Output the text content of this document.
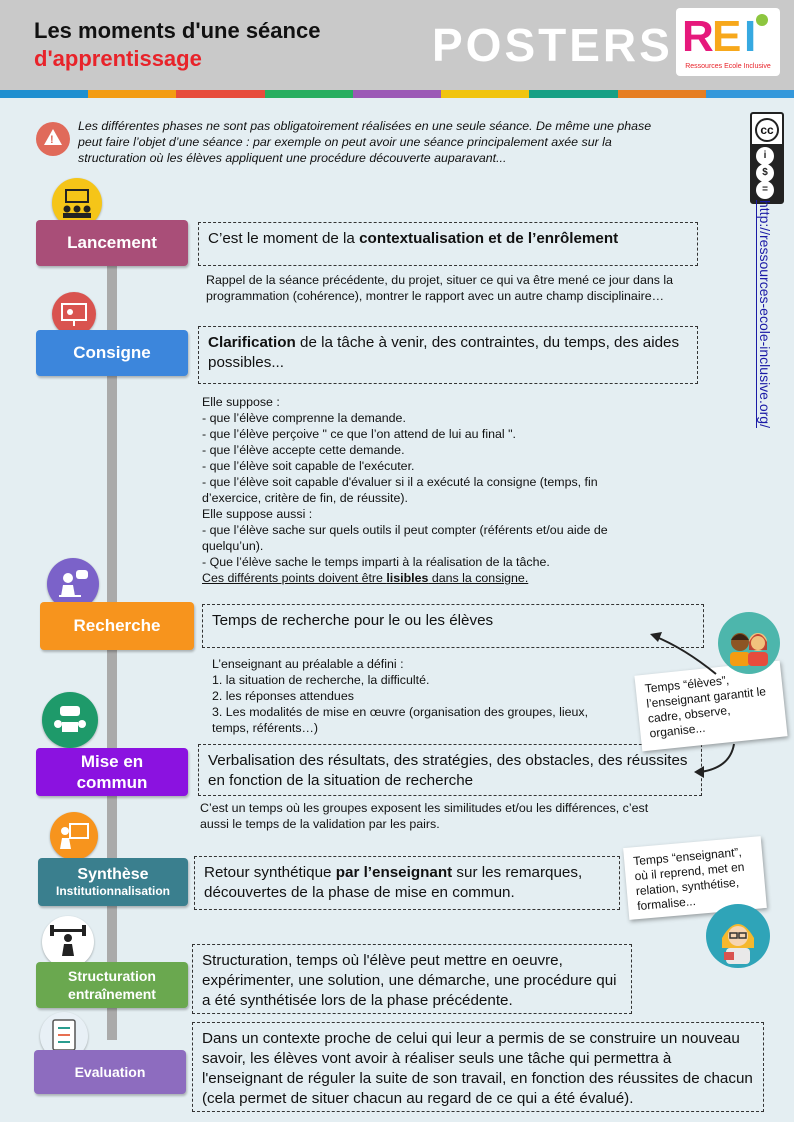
Les moments d'une séance
d'apprentissage	POSTERS R
E I
Ressources Ecole Inclusive
!
Les différentes phases ne sont pas obligatoirement réalisées en une seule séance. De même une phase peut faire l’objet d’une séance : par exemple on peut avoir une séance principalement axée sur la structuration où les élèves appliquent une procédure découverte auparavant...
cc
i
$
=
http://ressources-ecole-inclusive.org/
Lancement
Consigne
Recherche
Mise en commun
Synthèse
Institutionnalisation
Structuration entraînement
Evaluation
C’est le moment de la contextualisation et de l’enrôlement
Clarification de la tâche à venir, des contraintes, du temps, des aides possibles...
Temps de recherche pour le ou les élèves
Verbalisation des résultats, des stratégies, des obstacles, des réussites en fonction de la situation de recherche
Retour synthétique par l’enseignant sur les remarques, découvertes de la phase de mise en commun.
Structuration, temps où l'élève peut mettre en oeuvre, expérimenter, une solution, une démarche, une procédure qui a été synthétisée lors de la phase précédente.
Dans un contexte proche de celui qui leur a permis de se construire un nouveau savoir, les élèves vont avoir à réaliser seuls une tâche qui permettra à l'enseignant de réguler la suite de son travail, en fonction des réussites de chacun (cela permet de situer chacun au regard de ce qui a été évalué).
Rappel de la séance précédente, du projet, situer ce qui va être mené ce jour dans la programmation (cohérence), montrer le rapport avec un autre champ disciplinaire…
Elle suppose :
- que l’élève comprenne la demande.
- que l’élève perçoive " ce que l’on attend de lui au final ".
- que l’élève accepte cette demande.
- que l’élève soit capable de l'exécuter.
- que l’élève soit capable d'évaluer si il a exécuté la consigne (temps, fin d’exercice, critère de fin, de réussite).
Elle suppose aussi :
- que l’élève sache sur quels outils il peut compter (référents et/ou aide de quelqu’un).
- Que l’élève sache le temps imparti à la réalisation de la tâche.
Ces différents points doivent être lisibles dans la consigne.
L’enseignant au préalable a défini :
1. la situation de recherche, la difficulté.
2. les réponses attendues
3. Les modalités de mise en œuvre (organisation des groupes, lieux, temps, référents…)
C’est un temps où les groupes exposent les similitudes et/ou les différences, c’est aussi le temps de la validation par les pairs.
Temps “élèves”, l’enseignant garantit le cadre, observe, organise...
Temps “enseignant”, où il reprend, met en relation, synthétise, formalise...
